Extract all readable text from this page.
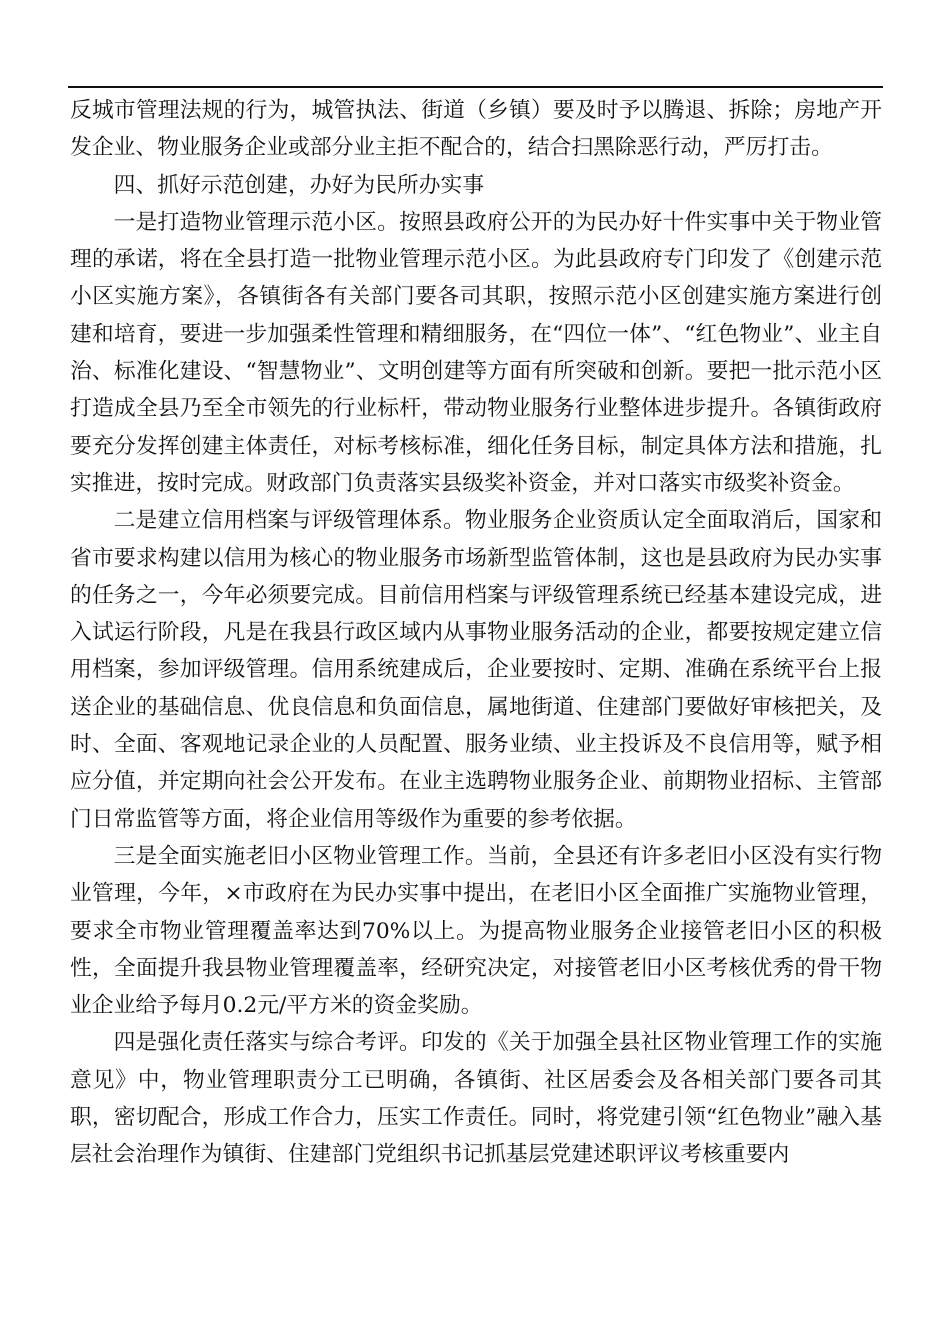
反城市管理法规的行为，城管执法、街道（乡镇）要及时予以腾退、拆除；房地产开发企业、物业服务企业或部分业主拒不配合的，结合扫黑除恶行动，严厉打击。

四、抓好示范创建，办好为民所办实事

一是打造物业管理示范小区。按照县政府公开的为民办好十件实事中关于物业管理的承诺，将在全县打造一批物业管理示范小区。为此县政府专门印发了《创建示范小区实施方案》，各镇街各有关部门要各司其职，按照示范小区创建实施方案进行创建和培育，要进一步加强柔性管理和精细服务，在“四位一体”、“红色物业”、业主自治、标准化建设、“智慧物业”、文明创建等方面有所突破和创新。要把一批示范小区打造成全县乃至全市领先的行业标杆，带动物业服务行业整体进步提升。各镇街政府要充分发挥创建主体责任，对标考核标准，细化任务目标，制定具体方法和措施，扎实推进，按时完成。财政部门负责落实县级奖补资金，并对口落实市级奖补资金。

二是建立信用档案与评级管理体系。物业服务企业资质认定全面取消后，国家和省市要求构建以信用为核心的物业服务市场新型监管体制，这也是县政府为民办实事的任务之一，今年必须要完成。目前信用档案与评级管理系统已经基本建设完成，进入试运行阶段，凡是在我县行政区域内从事物业服务活动的企业，都要按规定建立信用档案，参加评级管理。信用系统建成后，企业要按时、定期、准确在系统平台上报送企业的基础信息、优良信息和负面信息，属地街道、住建部门要做好审核把关，及时、全面、客观地记录企业的人员配置、服务业绩、业主投诉及不良信用等，赋予相应分值，并定期向社会公开发布。在业主选聘物业服务企业、前期物业招标、主管部门日常监管等方面，将企业信用等级作为重要的参考依据。

三是全面实施老旧小区物业管理工作。当前，全县还有许多老旧小区没有实行物业管理，今年，×市政府在为民办实事中提出，在老旧小区全面推广实施物业管理，要求全市物业管理覆盖率达到70%以上。为提高物业服务企业接管老旧小区的积极性，全面提升我县物业管理覆盖率，经研究决定，对接管老旧小区考核优秀的骨干物业企业给予每月0.2元/平方米的资金奖励。

四是强化责任落实与综合考评。印发的《关于加强全县社区物业管理工作的实施意见》中，物业管理职责分工已明确，各镇街、社区居委会及各相关部门要各司其职，密切配合，形成工作合力，压实工作责任。同时，将党建引领“红色物业”融入基层社会治理作为镇街、住建部门党组织书记抓基层党建述职评议考核重要内
